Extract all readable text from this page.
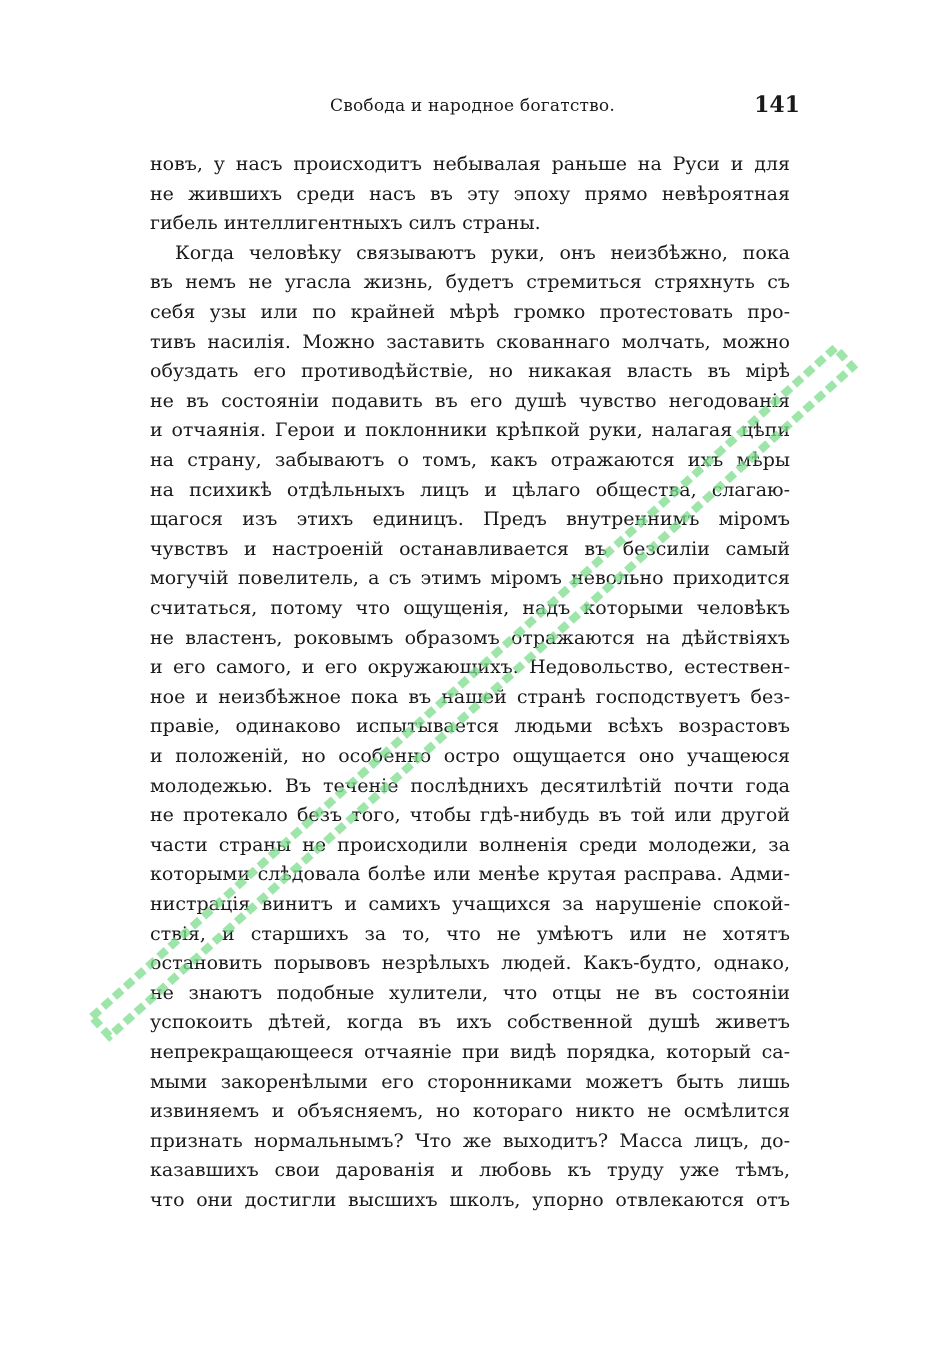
Свобода и народное богатство.	141
новъ, у насъ происходитъ небывалая раньше на Руси и для
не жившихъ среди насъ въ эту эпоху прямо невѣроятная
гибель интеллигентныхъ силъ страны.
Когда человѣку связываютъ руки, онъ неизбѣжно, пока
въ немъ не угасла жизнь, будетъ стремиться стряхнуть съ
себя узы или по крайней мѣрѣ громко протестовать про-
тивъ насилія. Можно заставить скованнаго молчать, можно
обуздать его противодѣйствіе, но никакая власть въ мірѣ
не въ состояніи подавить въ его душѣ чувство негодованія
и отчаянія. Герои и поклонники крѣпкой руки, налагая цѣпи
на страну, забываютъ о томъ, какъ отражаются ихъ мѣры
на психикѣ отдѣльныхъ лицъ и цѣлаго общества, слагаю-
щагося изъ этихъ единицъ. Предъ внутреннимъ міромъ
чувствъ и настроеній останавливается въ безсиліи самый
могучій повелитель, а съ этимъ міромъ невольно приходится
считаться, потому что ощущенія, надъ которыми человѣкъ
не властенъ, роковымъ образомъ отражаются на дѣйствіяхъ
и его самого, и его окружающихъ. Недовольство, естествен-
ное и неизбѣжное пока въ нашей странѣ господствуетъ без-
правіе, одинаково испытывается людьми всѣхъ возрастовъ
и положеній, но особенно остро ощущается оно учащеюся
молодежью. Въ теченіе послѣднихъ десятилѣтій почти года
не протекало безъ того, чтобы гдѣ-нибудь въ той или другой
части страны не происходили волненія среди молодежи, за
которыми слѣдовала болѣе или менѣе крутая расправа. Адми-
нистрація винитъ и самихъ учащихся за нарушеніе спокой-
ствія, и старшихъ за то, что не умѣютъ или не хотятъ
остановить порывовъ незрѣлыхъ людей. Какъ-будто, однако,
не знаютъ подобные хулители, что отцы не въ состояніи
успокоить дѣтей, когда въ ихъ собственной душѣ живетъ
непрекращающееся отчаяніе при видѣ порядка, который са-
мыми закоренѣлыми его сторонниками можетъ быть лишь
извиняемъ и объясняемъ, но котораго никто не осмѣлится
признать нормальнымъ? Что же выходитъ? Масса лицъ, до-
казавшихъ свои дарованія и любовь къ труду уже тѣмъ,
что они достигли высшихъ школъ, упорно отвлекаются отъ
